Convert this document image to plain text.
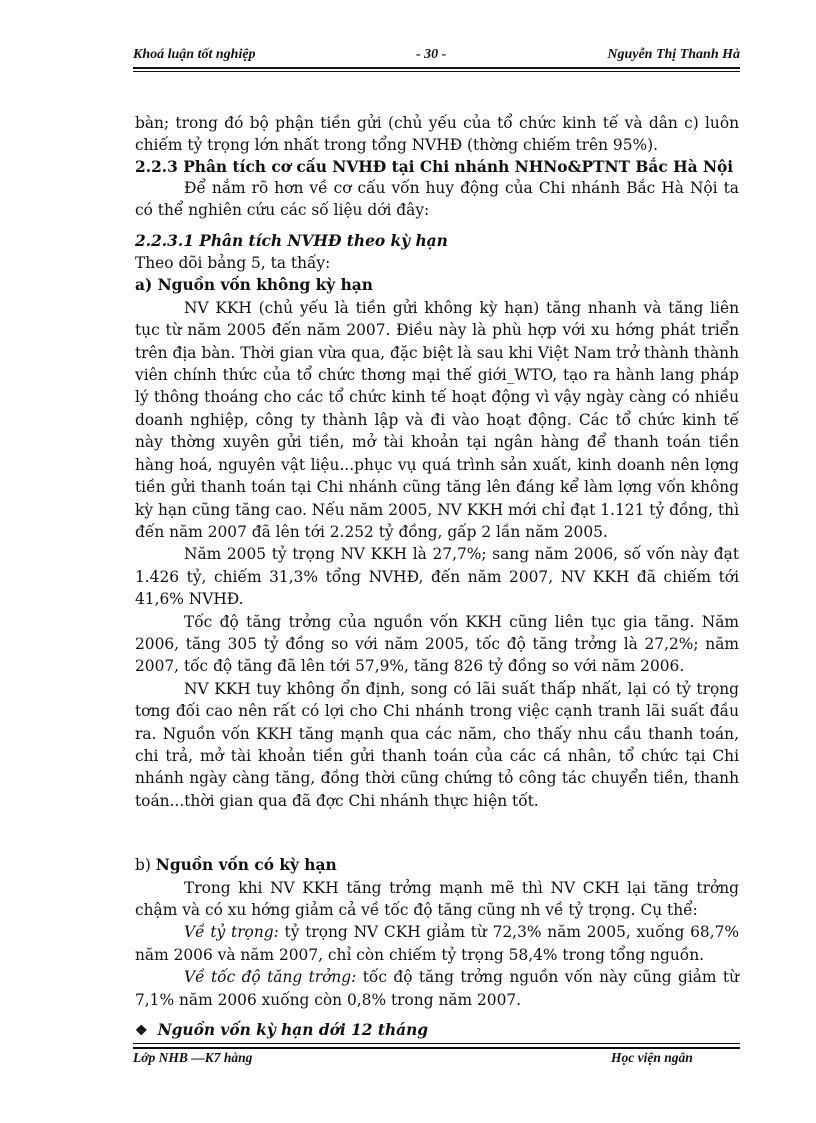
Khoá luận tốt nghiệp	- 30 -	Nguyễn Thị Thanh Hà

bàn; trong đó bộ phận tiền gửi (chủ yếu của tổ chức kinh tế và dân c) luôn chiếm tỷ trọng lớn nhất trong tổng NVHĐ (thờng chiếm trên 95%).

2.2.3 Phân tích cơ cấu NVHĐ tại Chi nhánh NHNo&PTNT Bắc Hà Nội

Để nắm rõ hơn về cơ cấu vốn huy động của Chi nhánh Bắc Hà Nội ta có thể nghiên cứu các số liệu dới đây:

2.2.3.1 Phân tích NVHĐ theo kỳ hạn

Theo dõi bảng 5, ta thấy:

a) Nguồn vốn không kỳ hạn

NV KKH (chủ yếu là tiền gửi không kỳ hạn) tăng nhanh và tăng liên tục từ năm 2005 đến năm 2007. Điều này là phù hợp với xu hớng phát triển trên địa bàn. Thời gian vừa qua, đặc biệt là sau khi Việt Nam trở thành thành viên chính thức của tổ chức thơng mại thế giới_WTO, tạo ra hành lang pháp lý thông thoáng cho các tổ chức kinh tế hoạt động vì vậy ngày càng có nhiều doanh nghiệp, công ty thành lập và đi vào hoạt động. Các tổ chức kinh tế này thờng xuyên gửi tiền, mở tài khoản tại ngân hàng để thanh toán tiền hàng hoá, nguyên vật liệu...phục vụ quá trình sản xuất, kinh doanh nên lợng tiền gửi thanh toán tại Chi nhánh cũng tăng lên đáng kể làm lợng vốn không kỳ hạn cũng tăng cao. Nếu năm 2005, NV KKH mới chỉ đạt 1.121 tỷ đồng, thì đến năm 2007 đã lên tới 2.252 tỷ đồng, gấp 2 lần năm 2005.

Năm 2005 tỷ trọng NV KKH là 27,7%; sang năm 2006, số vốn này đạt 1.426 tỷ, chiếm 31,3% tổng NVHĐ, đến năm 2007, NV KKH đã chiếm tới 41,6% NVHĐ.

Tốc độ tăng trởng của nguồn vốn KKH cũng liên tục gia tăng. Năm 2006, tăng 305 tỷ đồng so với năm 2005, tốc độ tăng trởng là 27,2%; năm 2007, tốc độ tăng đã lên tới 57,9%, tăng 826 tỷ đồng so với năm 2006.

NV KKH tuy không ổn định, song có lãi suất thấp nhất, lại có tỷ trọng tơng đối cao nên rất có lợi cho Chi nhánh trong việc cạnh tranh lãi suất đầu ra. Nguồn vốn KKH tăng mạnh qua các năm, cho thấy nhu cầu thanh toán, chi trả, mở tài khoản tiền gửi thanh toán của các cá nhân, tổ chức tại Chi nhánh ngày càng tăng, đồng thời cũng chứng tỏ công tác chuyển tiền, thanh toán...thời gian qua đã đợc Chi nhánh thực hiện tốt.

b) Nguồn vốn có kỳ hạn

Trong khi NV KKH tăng trởng mạnh mẽ thì NV CKH lại tăng trởng chậm và có xu hớng giảm cả về tốc độ tăng cũng nh về tỷ trọng. Cụ thể:

Về tỷ trọng: tỷ trọng NV CKH giảm từ 72,3% năm 2005, xuống 68,7% năm 2006 và năm 2007, chỉ còn chiếm tỷ trọng 58,4% trong tổng nguồn.

Về tốc độ tăng trởng: tốc độ tăng trởng nguồn vốn này cũng giảm từ 7,1% năm 2006 xuống còn 0,8% trong năm 2007.

❖ Nguồn vốn kỳ hạn dới 12 tháng

Lớp NHB —K7 hàng	Học viện ngân
